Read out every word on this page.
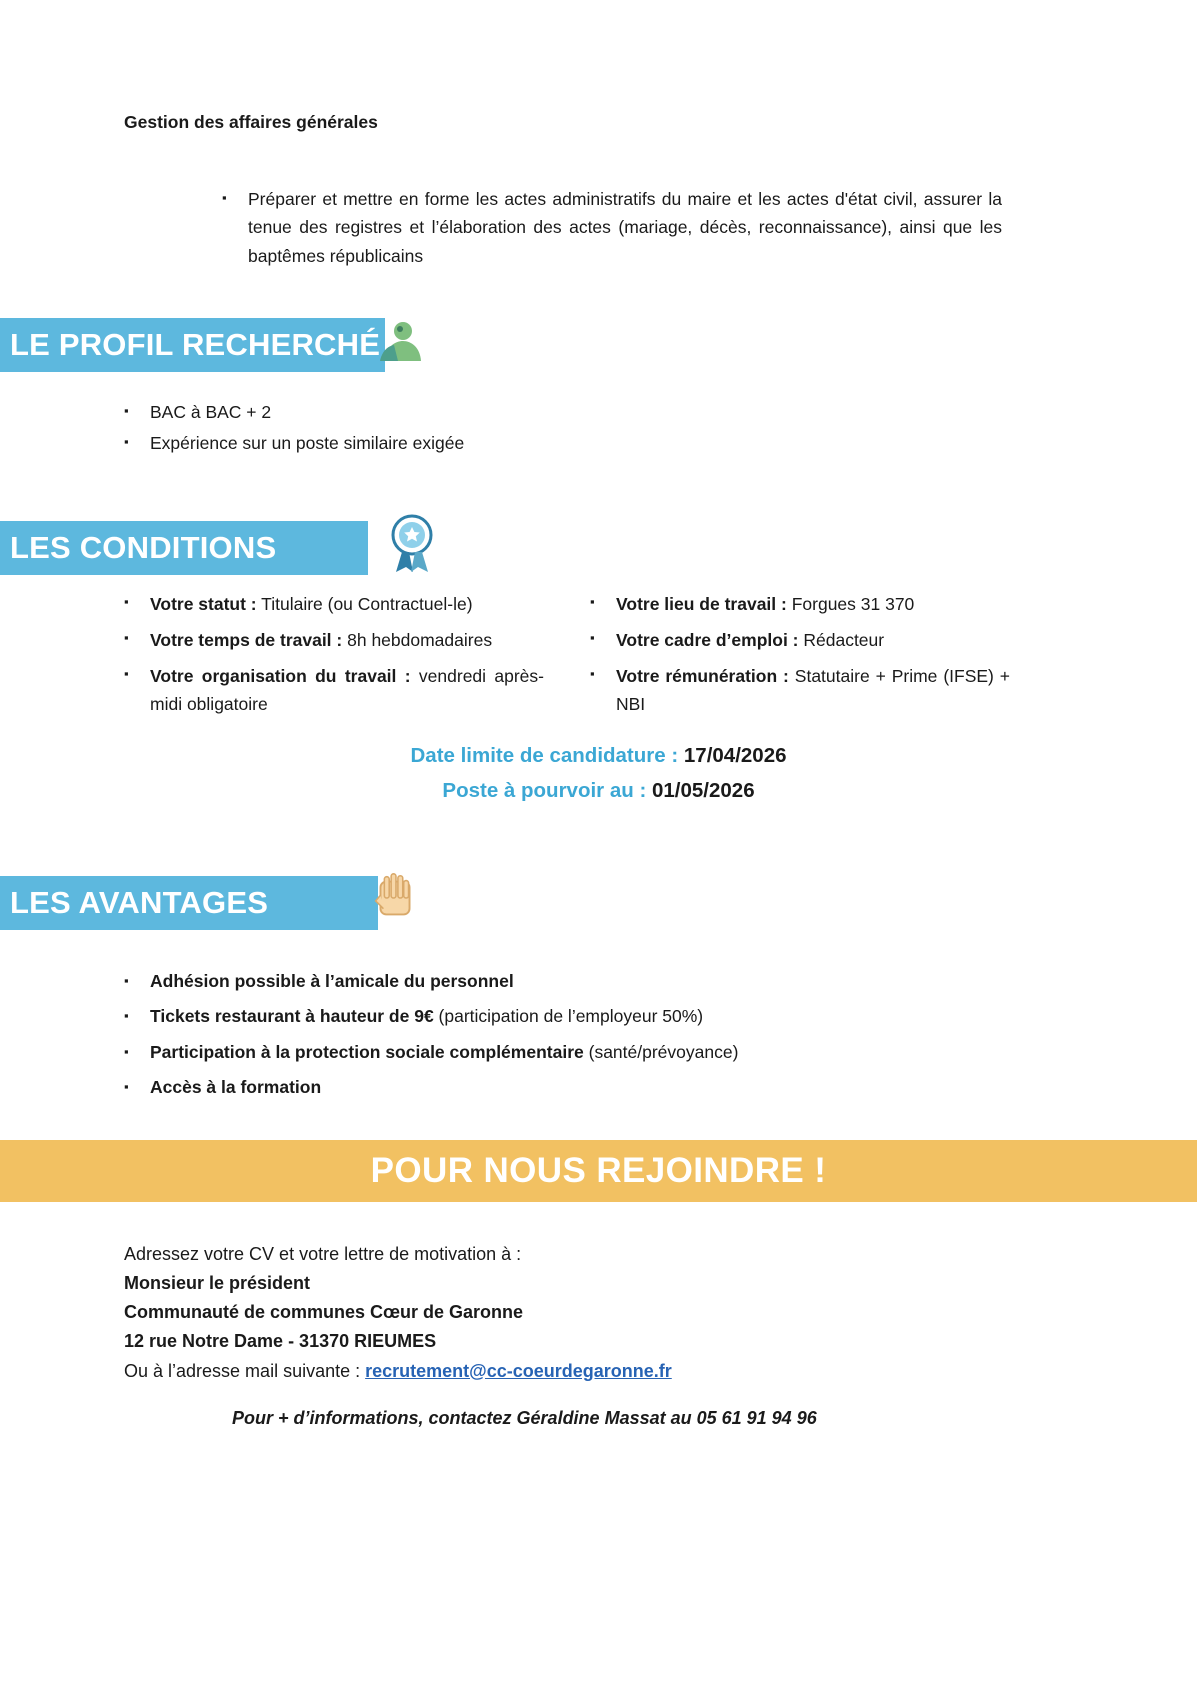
Gestion des affaires générales
▪	Préparer et mettre en forme les actes administratifs du maire et les actes d'état civil, assurer la tenue des registres et l’élaboration des actes (mariage, décès, reconnaissance), ainsi que les baptêmes républicains
LE PROFIL RECHERCHÉ
▪	BAC à BAC + 2
▪	Expérience sur un poste similaire exigée
LES CONDITIONS
▪	Votre statut : Titulaire (ou Contractuel-le)
▪	Votre temps de travail : 8h hebdomadaires
▪	Votre organisation du travail : vendredi après-midi obligatoire
▪	Votre lieu de travail : Forgues 31 370
▪	Votre cadre d’emploi : Rédacteur
▪	Votre rémunération : Statutaire + Prime (IFSE) + NBI
Date limite de candidature : 17/04/2026
Poste à pourvoir au : 01/05/2026
LES AVANTAGES
▪	Adhésion possible à l’amicale du personnel
▪	Tickets restaurant à hauteur de 9€ (participation de l’employeur 50%)
▪	Participation à la protection sociale complémentaire (santé/prévoyance)
▪	Accès à la formation
POUR NOUS REJOINDRE !
Adressez votre CV et votre lettre de motivation à :
Monsieur le président
Communauté de communes Cœur de Garonne
12 rue Notre Dame - 31370 RIEUMES
Ou à l’adresse mail suivante : recrutement@cc-coeurdegaronne.fr
Pour + d’informations, contactez Géraldine Massat au 05 61 91 94 96
